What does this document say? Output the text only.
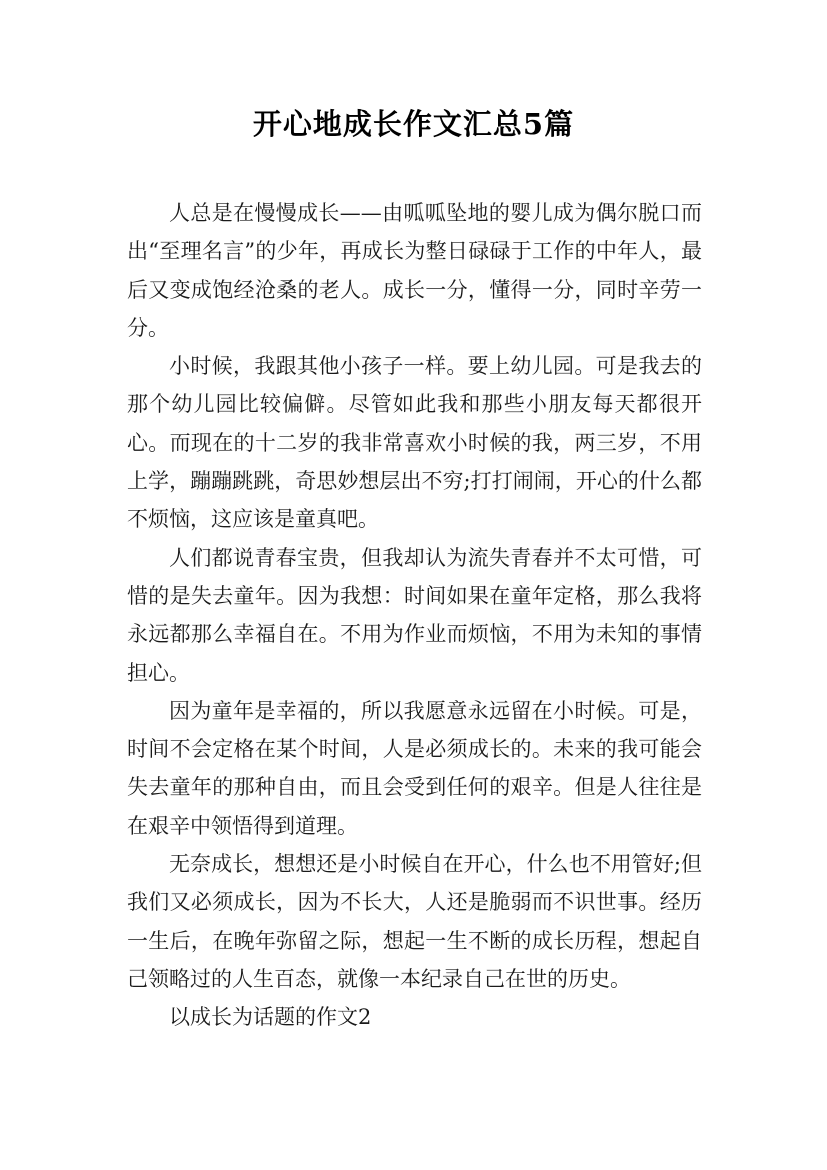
开心地成长作文汇总5篇

人总是在慢慢成长——由呱呱坠地的婴儿成为偶尔脱口而出“至理名言”的少年，再成长为整日碌碌于工作的中年人，最后又变成饱经沧桑的老人。成长一分，懂得一分，同时辛劳一分。

小时候，我跟其他小孩子一样。要上幼儿园。可是我去的那个幼儿园比较偏僻。尽管如此我和那些小朋友每天都很开心。而现在的十二岁的我非常喜欢小时候的我，两三岁，不用上学，蹦蹦跳跳，奇思妙想层出不穷;打打闹闹，开心的什么都不烦恼，这应该是童真吧。

人们都说青春宝贵，但我却认为流失青春并不太可惜，可惜的是失去童年。因为我想：时间如果在童年定格，那么我将永远都那么幸福自在。不用为作业而烦恼，不用为未知的事情担心。

因为童年是幸福的，所以我愿意永远留在小时候。可是，时间不会定格在某个时间，人是必须成长的。未来的我可能会失去童年的那种自由，而且会受到任何的艰辛。但是人往往是在艰辛中领悟得到道理。

无奈成长，想想还是小时候自在开心，什么也不用管好;但我们又必须成长，因为不长大，人还是脆弱而不识世事。经历一生后，在晚年弥留之际，想起一生不断的成长历程，想起自己领略过的人生百态，就像一本纪录自己在世的历史。

以成长为话题的作文2
